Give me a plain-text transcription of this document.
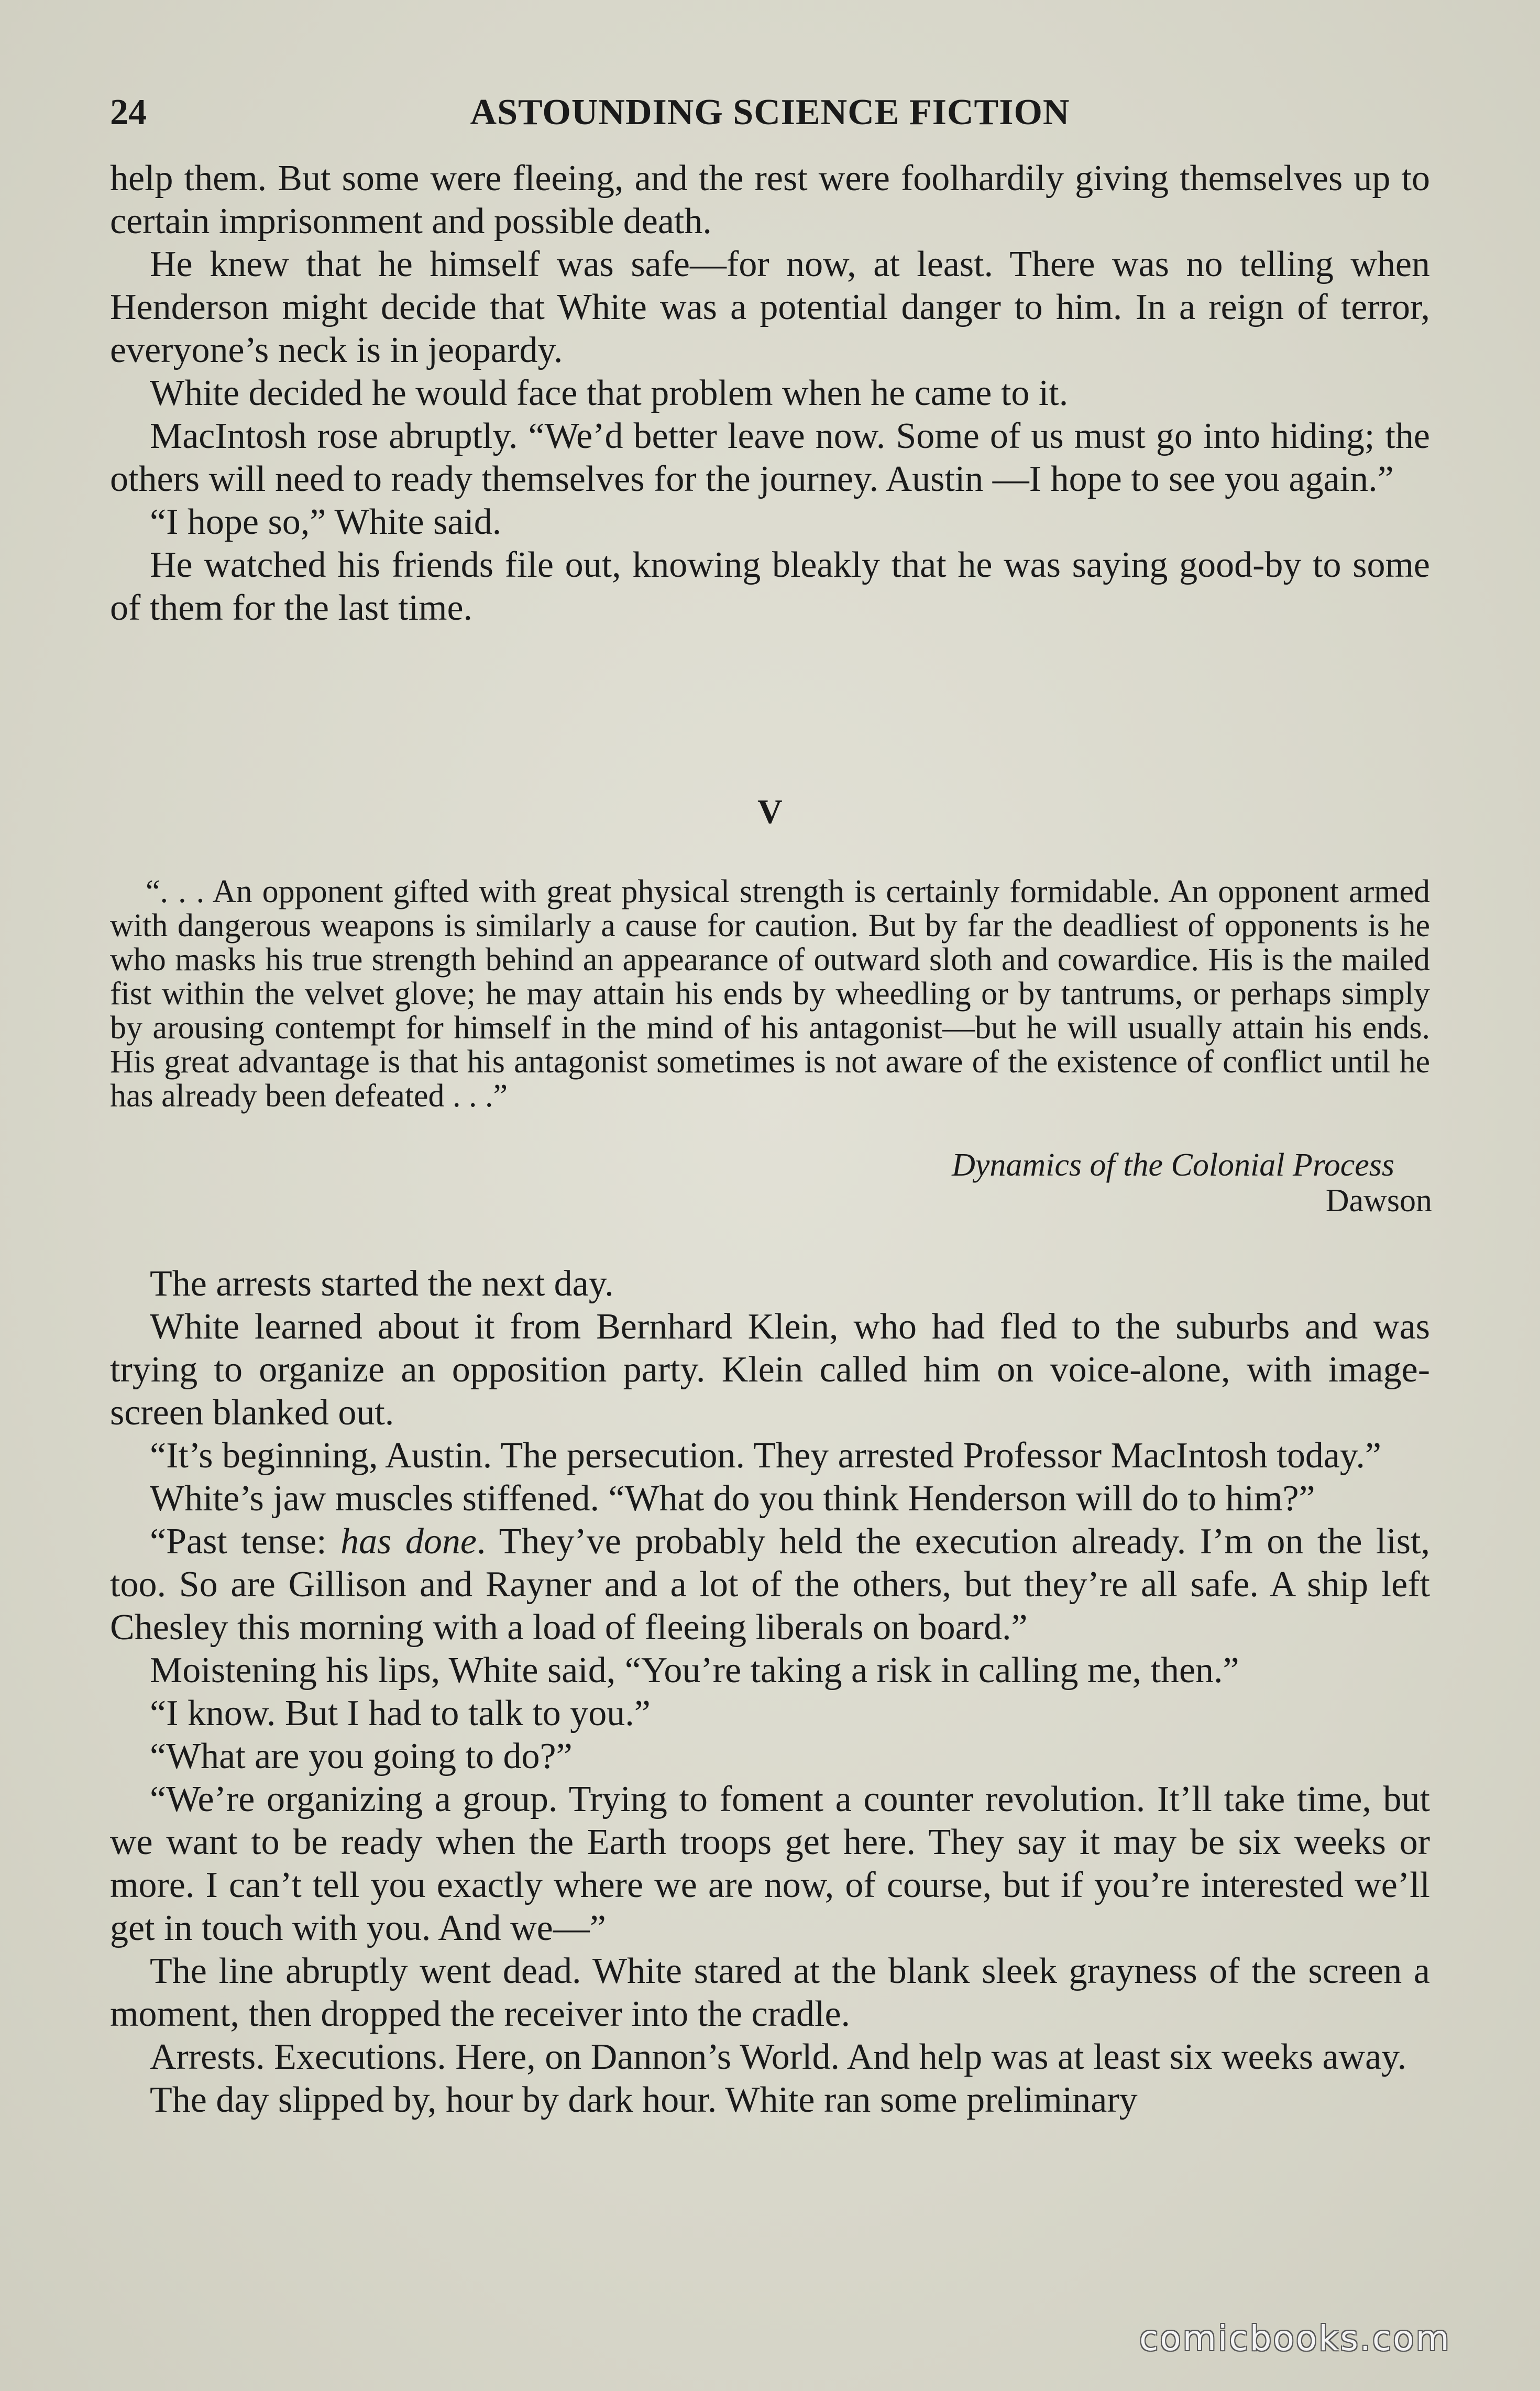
24	ASTOUNDING SCIENCE FICTION

help them. But some were fleeing, and the rest were foolhardily giving themselves up to certain imprisonment and possible death.

He knew that he himself was safe—for now, at least. There was no telling when Henderson might decide that White was a potential danger to him. In a reign of terror, everyone’s neck is in jeopardy.

White decided he would face that problem when he came to it.

MacIntosh rose abruptly. “We’d better leave now. Some of us must go into hiding; the others will need to ready themselves for the journey. Austin —I hope to see you again.”

“I hope so,” White said.

He watched his friends file out, knowing bleakly that he was saying good-by to some of them for the last time.

V

“. . . An opponent gifted with great physical strength is certainly formidable. An opponent armed with dangerous weapons is similarly a cause for caution. But by far the deadliest of opponents is he who masks his true strength behind an appearance of outward sloth and cowardice. His is the mailed fist within the velvet glove; he may attain his ends by wheedling or by tantrums, or perhaps simply by arousing contempt for himself in the mind of his antagonist—but he will usually attain his ends. His great advantage is that his antagonist sometimes is not aware of the existence of conflict until he has already been defeated . . .”

Dynamics of the Colonial Process
Dawson

The arrests started the next day.

White learned about it from Bernhard Klein, who had fled to the suburbs and was trying to organize an opposition party. Klein called him on voice-alone, with image-screen blanked out.

“It’s beginning, Austin. The persecution. They arrested Professor MacIntosh today.”

White’s jaw muscles stiffened. “What do you think Henderson will do to him?”

“Past tense: has done. They’ve probably held the execution already. I’m on the list, too. So are Gillison and Rayner and a lot of the others, but they’re all safe. A ship left Chesley this morning with a load of fleeing liberals on board.”

Moistening his lips, White said, “You’re taking a risk in calling me, then.”

“I know. But I had to talk to you.”

“What are you going to do?”

“We’re organizing a group. Trying to foment a counter revolution. It’ll take time, but we want to be ready when the Earth troops get here. They say it may be six weeks or more. I can’t tell you exactly where we are now, of course, but if you’re interested we’ll get in touch with you. And we—”

The line abruptly went dead. White stared at the blank sleek grayness of the screen a moment, then dropped the receiver into the cradle.

Arrests. Executions. Here, on Dannon’s World. And help was at least six weeks away.

The day slipped by, hour by dark hour. White ran some preliminary

comicbooks.com
